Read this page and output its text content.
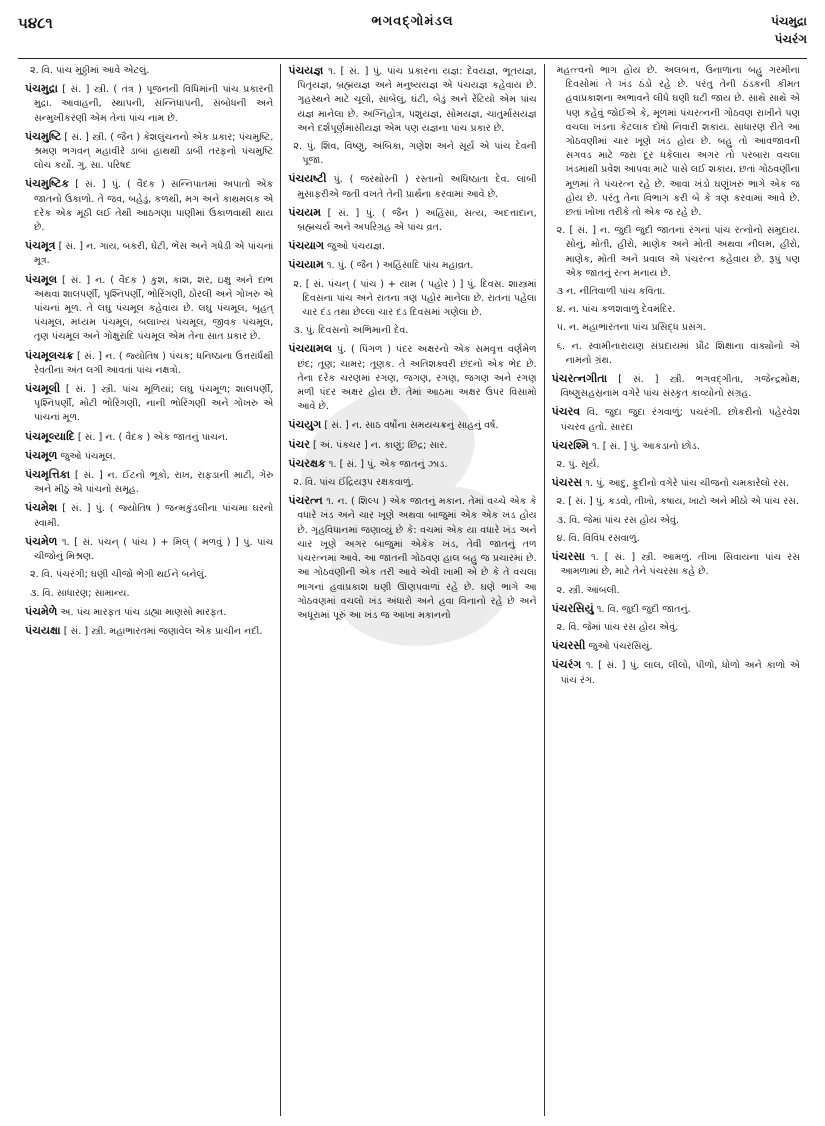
૫૪૮૧	ભગવદ્ગોમંડલ	પંચમુદ્રા
પંચરંગ

૨. વિ. પાંચ મુઠ્ઠીમાં આવે એટલું.

પંચમુદ્રા [ સં. ] સ્ત્રી. ( તંત્ર ) પૂજનની વિધિમાંની પાંચ પ્રકારની મુદ્રા. આવાહની, સ્થાપની, સન્નિધાપની, સંબોધની અને સન્મુખીકરણી એમ તેનાં પાંચ નામ છે.

પંચમુષ્ટિ [ સં. ] સ્ત્રી. ( જૈન ) કેશલુંચનનો એક પ્રકાર; પંચમુષ્ટિ. શ્રમણ ભગવન્ મહાવીરે ડાબા હાથથી ડાબી તરફનો પંચમુષ્ટિ લોચ કર્યો. ગુ. સા. પરિષદ

પંચમુષ્ટિક [ સં. ] પું. ( વૈદક ) સન્નિપાતમાં અપાતો એક જાતનો ઉકાળો. તે જવ, બહેડું, કળથી, મગ અને કાથમલક એ દરેક એક મૂઠી લઈ તેથી આઠગણા પાણીમાં ઉકાળવાથી થાય છે.

પંચમૂત્ર [ સં. ] ન. ગાય, બકરી, ઘેટી, ભેંસ અને ગધેડી એ પાંચનાં મૂત્ર.

પંચમૂલ [ સં. ] ન. ( વૈદક ) કુશ, કાશ, શર, ઇક્ષુ અને દાભ અથવા શાલપર્ણી, પૃશ્નિપર્ણી, ભોરિંગણી, ઠોરલી અને ગોખરુ એ પાંચનાં મૂળ. તે લઘુ પંચમૂલ કહેવાય છે. લઘુ પંચમૂલ, બૃહત્ પંચમૂલ, મધ્યમ પંચમૂલ, બલાખ્ય પંચમૂલ, જીવક પંચમૂલ, તૃણ પંચમૂલ અને ગોક્ષુરાદિ પંચમૂલ એમ તેના સાત પ્રકાર છે.

પંચમૂલચક્ર [ સં. ] ન. ( જ્યોતિષ ) પંચક; ધનિષ્ઠાના ઉત્તરાર્ધથી રેવતીના અંત લગી આવતાં પાંચ નક્ષત્રો.

પંચમૂલી [ સં. ] સ્ત્રી. પાંચ મૂળિયાં; લઘુ પંચમૂળ; શાલપર્ણી, પૃશ્નિપર્ણી, મોટી ભોરિંગણી, નાની ભોરિંગણી અને ગોખરુ એ પાંચનાં મૂળ.

પંચમૂલ્યાદિ [ સં. ] ન. ( વૈદક ) એક જાતનું પાચન.

પંચમૂળ જુઓ પંચમૂલ.

પંચમૃત્તિકા [ સં. ] ન. ઈંટનો ભૂકો, રાખ, રાફડાની માટી, ગેરુ અને મીઠું એ પાંચનો સમૂહ.

પંચમેશ [ સં. ] પું. ( જ્યોતિષ ) જન્મકુંડલીના પાંચમા ઘરનો સ્વામી.

પંચમેળ ૧. [ સં. પંચન્ ( પાંચ ) + મિલ્ ( મળવું ) ] પું. પાંચ ચીજોનું મિશ્રણ.

૨. વિ. પંચરંગી; ઘણી ચીજો ભેગી થઈને બનેલું.

૩. વિ. સાધારણ; સામાન્ય.

પંચમેળે અ. પંચ મારફત પાંચ ડાહ્યા માણસો મારફત.

પંચયક્ષા [ સં. ] સ્ત્રી. મહાભારતમાં જણાવેલ એક પ્રાચીન નદી.

પંચયજ્ઞ ૧. [ સં. ] પું. પાંચ પ્રકારના યજ્ઞ: દેવયજ્ઞ, ભૂતયજ્ઞ, પિતૃયજ્ઞ, બ્રહ્મયજ્ઞ અને મનુષ્યયજ્ઞ એ પંચયજ્ઞ કહેવાય છે. ગૃહસ્થને માટે ચૂલો, સાંબેલું, ઘંટી, બેડું અને રેંટિયો એમ પાંચ યજ્ઞ માનેલા છે. અગ્નિહોત્ર, પશુયજ્ઞ, સોમયજ્ઞ, ચાતુર્માસયજ્ઞ અને દર્શપૂર્ણમાસીયજ્ઞ એમ પણ યજ્ઞના પાંચ પ્રકાર છે.

૨. પું. શિવ, વિષ્ણુ, અંબિકા, ગણેશ અને સૂર્ય એ પાંચ દેવની પૂજા.

પંચયષ્ટી પું. ( જરથોસ્તી ) રસ્તાનો અધિષ્ઠાતા દેવ. લાંબી મુસાફરીએ જતી વખતે તેની પ્રાર્થના કરવામાં આવે છે.

પંચયમ [ સં. ] પું. ( જૈન ) અહિંસા, સત્ય, અદત્તાદાન, બ્રહ્મચર્ય અને અપરિગ્રહ એ પાંચ વ્રત.

પંચયાગ જુઓ પંચયજ્ઞ.

પંચયામ ૧. પું. ( જૈન ) અહિંસાદિ પાંચ મહાવ્રત.

૨. [ સં. પંચન્ ( પાંચ ) + યામ ( પહોર ) ] પું. દિવસ. શાસ્ત્રમાં દિવસના પાંચ અને રાતના ત્રણ પહોર માનેલા છે. રાતના પહેલા ચાર દંડ તથા છેલ્લા ચાર દંડ દિવસમાં ગણેલા છે.

૩. પું. દિવસનો અભિમાની દેવ.

પંચયામલ પું. ( પિંગળ ) પંદર અક્ષરનો એક સમવૃત્ત વર્ણમેળ છંદ; તૂણ; ચામર; તૂણક. તે અતિશક્વરી છંદનો એક ભેદ છે. તેના દરેક ચરણમાં રગણ, જગણ, રગણ, જગણ અને રગણ મળી પંદર અક્ષર હોય છે. તેમાં આઠમા અક્ષર ઉપર વિસામો આવે છે.

પંચયુગ [ સં. ] ન. સાઠ વર્ષોના સમયચક્રનું સાહનું વર્ષ.

પંચર [ અં. પંક્ચર ] ન. કાણું; છિદ્ર; સાર.

પંચરક્ષક ૧. [ સં. ] પું. એક જાતનું ઝાડ.

૨. વિ. પાંચ ઈંદ્રિયરૂપ રક્ષકવાળું.

પંચરત્ન ૧. ન. ( શિલ્પ ) એક જાતનું મકાન. તેમાં વચ્ચે એક કે વધારે ખંડ અને ચાર ખૂણે અથવા બાજુમાં એક એક ખંડ હોય છે. ગૃહવિધાનમાં જણાવ્યું છે કે: વચમાં એક યા વધારે ખંડ અને ચાર ખૂણે અગર બાજુમાં એકેક ખંડ, તેવી જાતનું તળ પંચરત્નમાં આવે. આ જાતની ગોઠવણ હાલ બહુ જ પ્રચારમાં છે. આ ગોઠવણીની એક તરી આવે એવી ખામી એ છે કે તે વચલા ભાગનાં હવાપ્રકાશ ઘણી ઊણપવાળાં રહે છે. ઘણે ભાગે આ ગોઠવણમાં વચલો ખંડ અંધારો અને હવા વિનાનો રહે છે અને અધૂરામાં પૂરું આ ખંડ જ આખા મકાનનો

મહત્ત્વનો ભાગ હોય છે. અલબત્ત, ઉનાળાના બહુ ગરમીના દિવસોમાં તે ખંડ ઠંડો રહે છે. પરંતુ તેની ઠંડકની કીમત હવાપ્રકાશના અભાવને લીધે ઘણી ઘટી જાય છે. સાથે સાથે એ પણ કહેવું જોઈએ કે, મૂળમાં પંચરત્નની ગોઠવણ રાખીને પણ વચલા ખંડના કેટલાક દોષો નિવારી શકાય. સાધારણ રીતે આ ગોઠવણીમાં ચાર ખૂણે ખંડ હોય છે. બહુ તો આવજાવની સગવડ માટે જરા દૂર ધકેલાય અગર તો પરબારા વચલા ખંડમાંથી પ્રવેશ આપવા માટે પાસે લઈ શકાય. છતાં ગોઠવણીના મૂળમાં તે પંચરત્ન રહે છે. આવા ખંડો ઘણુંખરું ભાગે એક જ હોય છે. પરંતુ તેના વિભાગ કરી બે કે ત્રણ કરવામાં આવે છે. છતાં ખોખા તરીકે તો એક જ રહે છે.

૨. [ સં. ] ન. જુદી જુદી જાતનાં રંગનાં પાંચ રત્નોનો સમુદાય. સોનું, મોતી, હીરો, માણેક અને મોતી અથવા નીલમ, હીરો, માણેક, મોતી અને પ્રવાલ એ પંચરત્ન કહેવાય છે. રૂપું પણ એક જાતનું રત્ન મનાય છે.

૩ ન. નીતિવાળી પાંચ કવિતા.

૪. ન. પાંચ કળશવાળું દેવમંદિર.

૫. ન. મહાભારતના પાંચ પ્રસિદ્ધ પ્રસંગ.

૬. ન. સ્વામીનારાયણ સંપ્રદાયમાં પ્રૌઢ શિક્ષાના વાક્યોનો એ નામનો ગ્રંથ.

પંચરત્નગીતા [ સં. ] સ્ત્રી. ભગવદ્ગીતા, ગજેન્દ્રમોક્ષ, વિષ્ણુસહસ્રનામ વગેરે પાંચ સંસ્કૃત કાવ્યોનો સંગ્રહ.

પંચરવ વિ. જુદા જુદા રંગવાળું; પચરંગી. છોકરીનો પહેરવેશ પંચરવ હતો. સારદા

પંચરશ્મિ ૧. [ સં. ] પું. આકડાનો છોડ.

૨. પું. સૂર્ય.

પંચરસ ૧. પું. આદુ, ફુદીનો વગેરે પાંચ ચીજનો ચમકારેલો રસ.

૨. [ સં. ] પું. કડવો, તીખો, કષાય, ખાટો અને મીઠો એ પાંચ રસ.

૩. વિ. જેમાં પાંચ રસ હોય એવું.

૪. વિ. વિવિધ રસવાળું.

પંચરસા ૧. [ સં. ] સ્ત્રી. આમળું. તીખા સિવાયના પાંચ રસ આમળામાં છે, માટે તેને પંચરસા કહે છે.

૨. સ્ત્રી. આંબલી.

પંચરસિયું ૧. વિ. જુદી જુદી જાતનું.

૨. વિ. જેમાં પાંચ રસ હોય એવું.

પંચરસી જુઓ પંચરસિયું.

પંચરંગ ૧. [ સં. ] પું. લાલ, લીલો, પીળો, ધોળો અને કાળો એ પાંચ રંગ.
